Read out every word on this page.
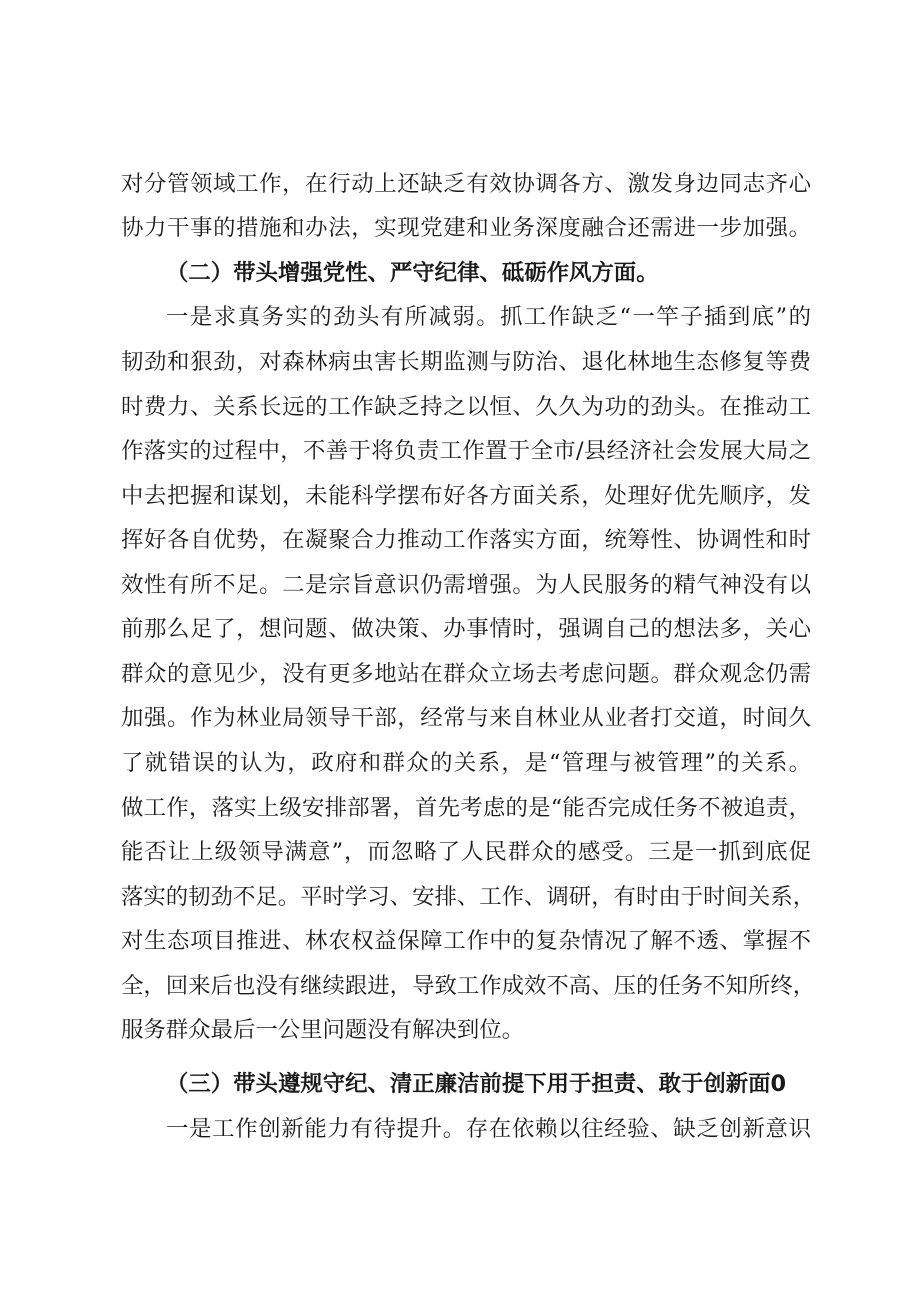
对分管领域工作，在行动上还缺乏有效协调各方、激发身边同志齐心
协力干事的措施和办法，实现党建和业务深度融合还需进一步加强。
（二）带头增强党性、严守纪律、砥砺作风方面。
一是求真务实的劲头有所减弱。抓工作缺乏“一竿子插到底”的
韧劲和狠劲，对森林病虫害长期监测与防治、退化林地生态修复等费
时费力、关系长远的工作缺乏持之以恒、久久为功的劲头。在推动工
作落实的过程中，不善于将负责工作置于全市/县经济社会发展大局之
中去把握和谋划，未能科学摆布好各方面关系，处理好优先顺序，发
挥好各自优势，在凝聚合力推动工作落实方面，统筹性、协调性和时
效性有所不足。二是宗旨意识仍需增强。为人民服务的精气神没有以
前那么足了，想问题、做决策、办事情时，强调自己的想法多，关心
群众的意见少，没有更多地站在群众立场去考虑问题。群众观念仍需
加强。作为林业局领导干部，经常与来自林业从业者打交道，时间久
了就错误的认为，政府和群众的关系，是“管理与被管理”的关系。
做工作，落实上级安排部署，首先考虑的是“能否完成任务不被追责，
能否让上级领导满意”，而忽略了人民群众的感受。三是一抓到底促
落实的韧劲不足。平时学习、安排、工作、调研，有时由于时间关系，
对生态项目推进、林农权益保障工作中的复杂情况了解不透、掌握不
全，回来后也没有继续跟进，导致工作成效不高、压的任务不知所终，
服务群众最后一公里问题没有解决到位。
（三）带头遵规守纪、清正廉洁前提下用于担责、敢于创新面0
一是工作创新能力有待提升。存在依赖以往经验、缺乏创新意识
